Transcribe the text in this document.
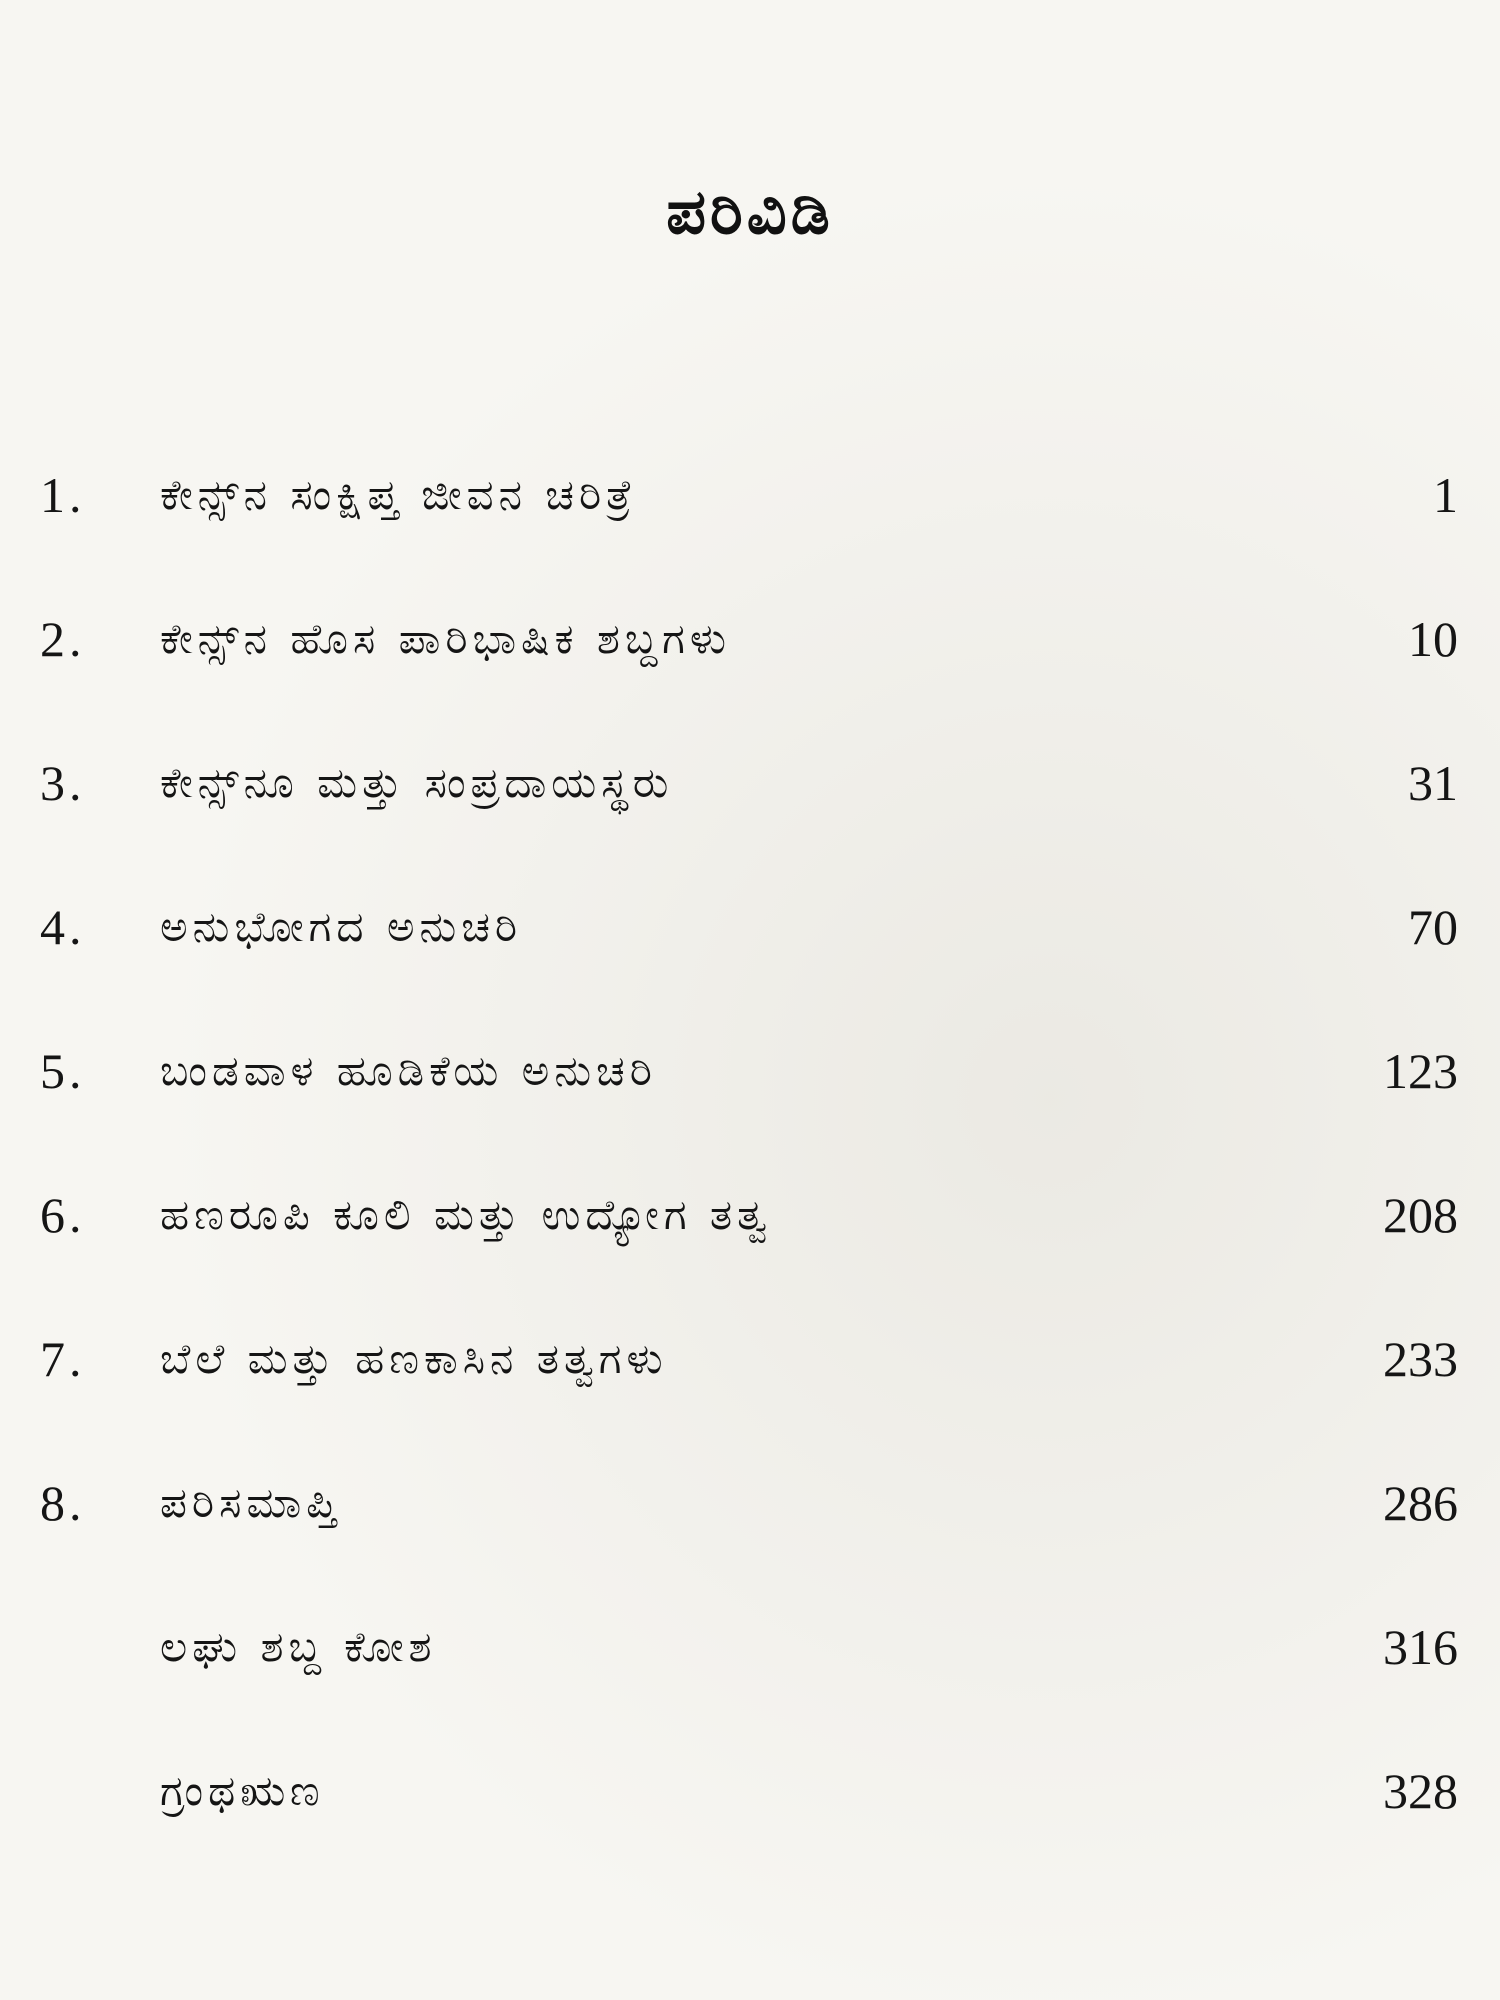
ಪರಿವಿಡಿ
1.	ಕೇನ್ಸ್‌ನ ಸಂಕ್ಷಿಪ್ತ ಜೀವನ ಚರಿತ್ರೆ	1
2.	ಕೇನ್ಸ್‌ನ ಹೊಸ ಪಾರಿಭಾಷಿಕ ಶಬ್ದಗಳು	10
3.	ಕೇನ್ಸ್‌ನೂ ಮತ್ತು ಸಂಪ್ರದಾಯಸ್ಥರು	31
4.	ಅನುಭೋಗದ ಅನುಚರಿ	70
5.	ಬಂಡವಾಳ ಹೂಡಿಕೆಯ ಅನುಚರಿ	123
6.	ಹಣರೂಪಿ ಕೂಲಿ ಮತ್ತು ಉದ್ಯೋಗ ತತ್ವ	208
7.	ಬೆಲೆ ಮತ್ತು ಹಣಕಾಸಿನ ತತ್ವಗಳು	233
8.	ಪರಿಸಮಾಪ್ತಿ	286
ಲಘು ಶಬ್ದ ಕೋಶ	316
ಗ್ರಂಥಋಣ	328
